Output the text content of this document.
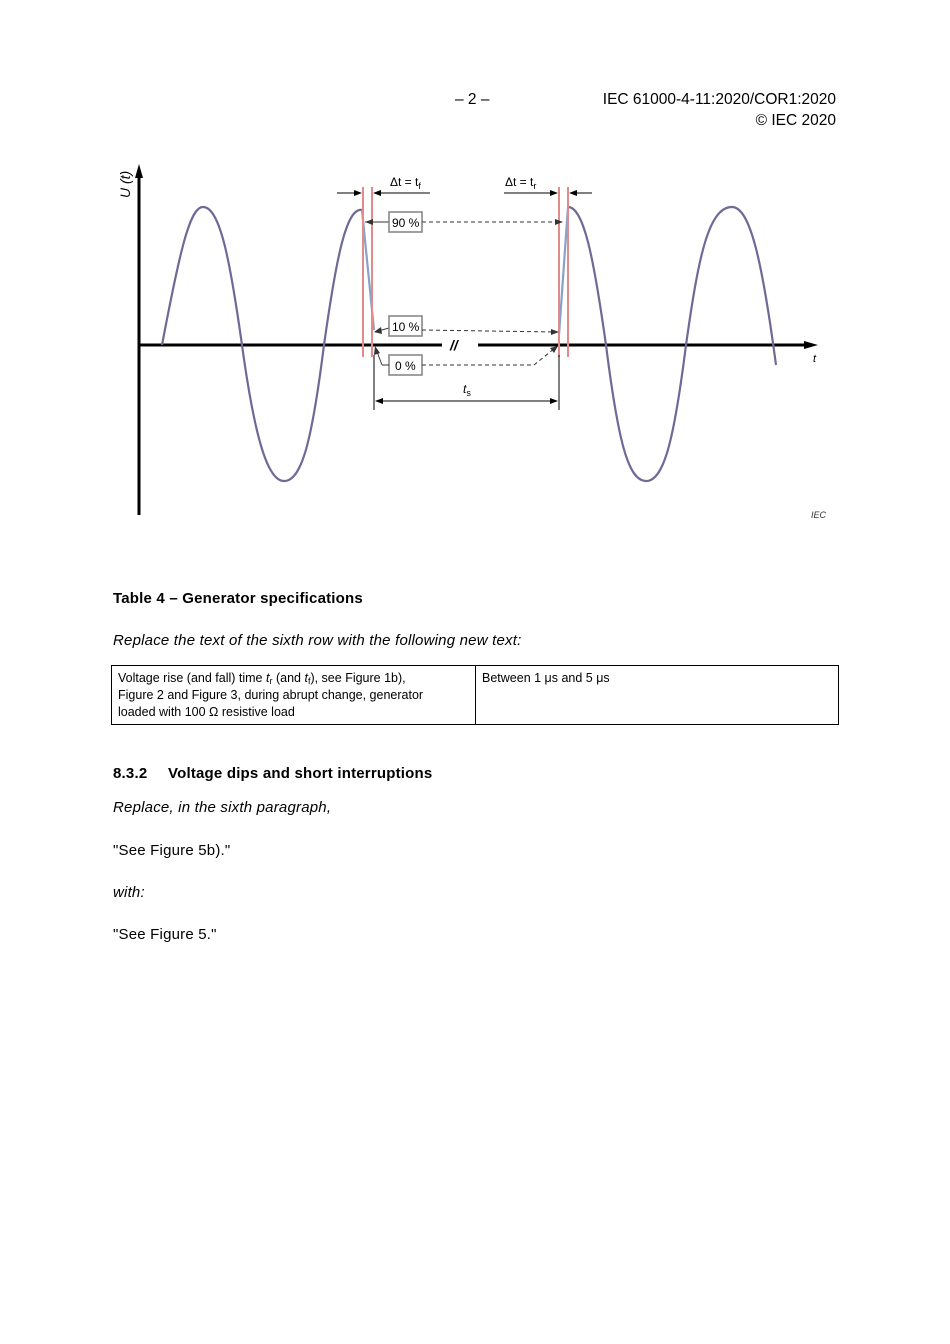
– 2 –	IEC 61000-4-11:2020/COR1:2020
© IEC 2020
//
U (t)
t
$\Delta t = t_f$	$\Delta t = t_r$
90 %
10 %
0 %
$t_s$
IEC
Table 4 – Generator specifications
Replace the text of the sixth row with the following new text:
Voltage rise (and fall) time $t_r$ (and $t_f$), see Figure 1b),
Figure 2 and Figure 3, during abrupt change, generator
loaded with 100 Ω resistive load	Between 1 μs and 5 μs
8.3.2 Voltage dips and short interruptions
Replace, in the sixth paragraph,
"See Figure 5b)."
with:
"See Figure 5."
